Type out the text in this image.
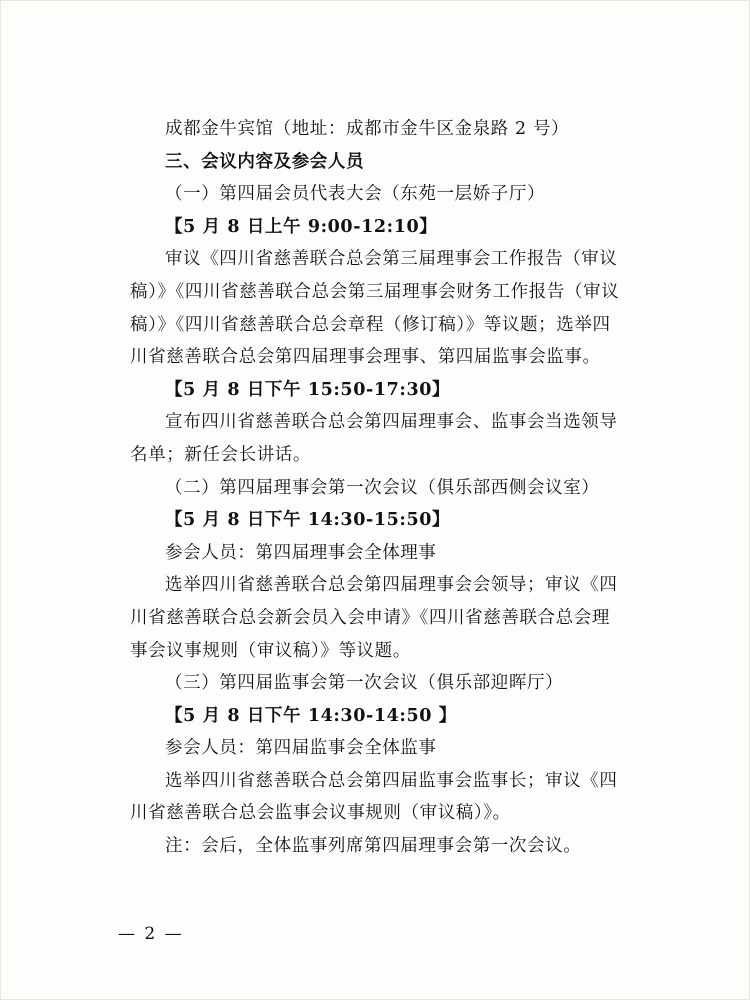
成都金牛宾馆（地址：成都市金牛区金泉路 2 号）

三、会议内容及参会人员

（一）第四届会员代表大会（东苑一层娇子厅）

【5 月 8 日上午 9:00-12:10】

审议《四川省慈善联合总会第三届理事会工作报告（审议稿）》《四川省慈善联合总会第三届理事会财务工作报告（审议稿）》《四川省慈善联合总会章程（修订稿）》等议题；选举四川省慈善联合总会第四届理事会理事、第四届监事会监事。

【5 月 8 日下午 15:50-17:30】

宣布四川省慈善联合总会第四届理事会、监事会当选领导名单；新任会长讲话。

（二）第四届理事会第一次会议（俱乐部西侧会议室）

【5 月 8 日下午 14:30-15:50】

参会人员：第四届理事会全体理事

选举四川省慈善联合总会第四届理事会会领导；审议《四川省慈善联合总会新会员入会申请》《四川省慈善联合总会理事会议事规则（审议稿）》等议题。

（三）第四届监事会第一次会议（俱乐部迎晖厅）

【5 月 8 日下午 14:30-14:50 】

参会人员：第四届监事会全体监事

选举四川省慈善联合总会第四届监事会监事长；审议《四川省慈善联合总会监事会议事规则（审议稿）》。

注：会后，全体监事列席第四届理事会第一次会议。

— 2 —
